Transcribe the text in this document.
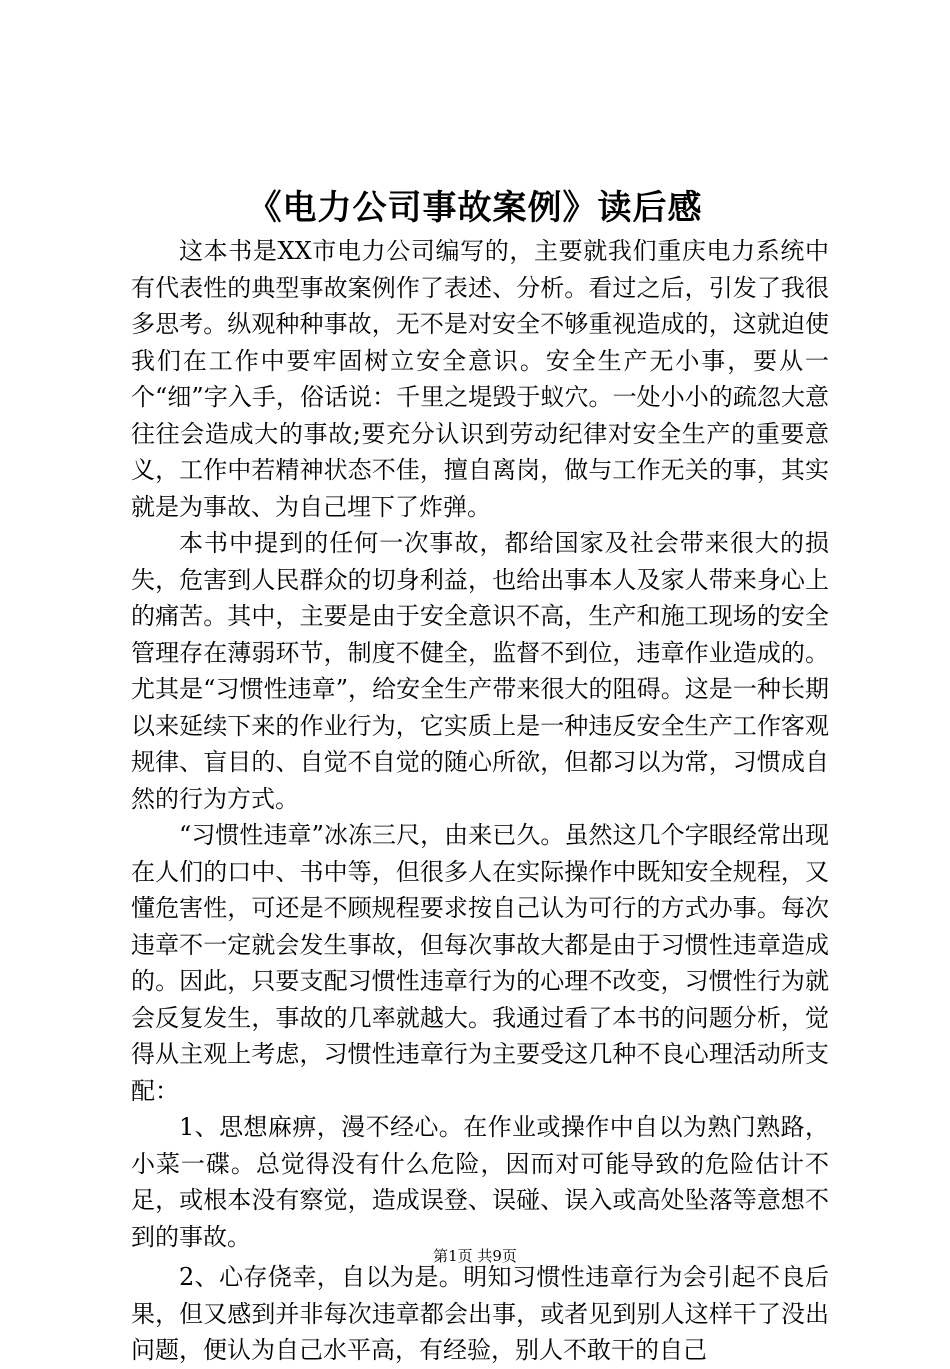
《电力公司事故案例》读后感

这本书是XX市电力公司编写的，主要就我们重庆电力系统中有代表性的典型事故案例作了表述、分析。看过之后，引发了我很多思考。纵观种种事故，无不是对安全不够重视造成的，这就迫使我们在工作中要牢固树立安全意识。安全生产无小事，要从一个“细”字入手，俗话说：千里之堤毁于蚁穴。一处小小的疏忽大意往往会造成大的事故;要充分认识到劳动纪律对安全生产的重要意义，工作中若精神状态不佳，擅自离岗，做与工作无关的事，其实就是为事故、为自己埋下了炸弹。

本书中提到的任何一次事故，都给国家及社会带来很大的损失，危害到人民群众的切身利益，也给出事本人及家人带来身心上的痛苦。其中，主要是由于安全意识不高，生产和施工现场的安全管理存在薄弱环节，制度不健全，监督不到位，违章作业造成的。尤其是“习惯性违章”，给安全生产带来很大的阻碍。这是一种长期以来延续下来的作业行为，它实质上是一种违反安全生产工作客观规律、盲目的、自觉不自觉的随心所欲，但都习以为常，习惯成自然的行为方式。

“习惯性违章”冰冻三尺，由来已久。虽然这几个字眼经常出现在人们的口中、书中等，但很多人在实际操作中既知安全规程，又懂危害性，可还是不顾规程要求按自己认为可行的方式办事。每次违章不一定就会发生事故，但每次事故大都是由于习惯性违章造成的。因此，只要支配习惯性违章行为的心理不改变，习惯性行为就会反复发生，事故的几率就越大。我通过看了本书的问题分析，觉得从主观上考虑，习惯性违章行为主要受这几种不良心理活动所支配：

1、思想麻痹，漫不经心。在作业或操作中自以为熟门熟路，小菜一碟。总觉得没有什么危险，因而对可能导致的危险估计不足，或根本没有察觉，造成误登、误碰、误入或高处坠落等意想不到的事故。

2、心存侥幸，自以为是。明知习惯性违章行为会引起不良后果，但又感到并非每次违章都会出事，或者见到别人这样干了没出问题，便认为自己水平高，有经验，别人不敢干的自己

第1页 共9页
